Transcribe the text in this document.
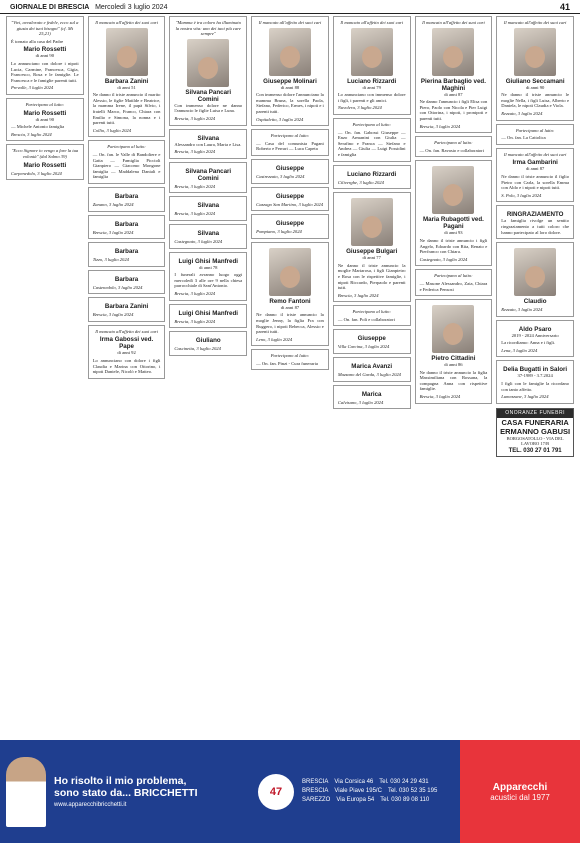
GIORNALE DI BRESCIA Mercoledì 3 luglio 2024	41
"Vivi, avvalorato e fedele, ecco sul a giusta dei tuoi bisogni" (cf. Mt 25,21)
È tornato alla casa del Padre
Mario Rossetti
di anni 90
Lo annunciano con dolore i nipoti Lucia, Carmine, Francesca, Gigia, Francesco, Rosa e le famiglie. Le Francesca e le famiglie parenti tutti.
Prevalle, 3 luglio 2024
Partecipano al lutto:
Mario Rossetti
di anni 90
— Michele Antonio famiglia
Brescia, 3 luglio 2024
"Ecco Signore io vengo a fare la tua volontà" (dal Salmo 39)
Mario Rossetti
Carpenedolo, 3 luglio 2024
Il mancato all'affetto dei suoi cari
Barbara Zanini
di anni 51
Ne danno il triste annuncio il marito Alessio, le figlie Matilde e Beatrice, la mamma Irene, il papà Silvio, i fratelli Marco, Franco, Chiara con Emilio e Simona, la nonna e i parenti tutti.
Collio, 3 luglio 2024
Partecipano al lutto:
— On. fan. le Valle di Bandoliere e Gatta — Famiglia Piccioli Gianpiero — Giacomo Mongone famiglia — Maddalena Daniali e famiglia
Barbara
Zanano, 3 luglio 2024
Barbara
Brescia, 3 luglio 2024
Barbara
Tizzo, 3 luglio 2024
Barbara
Castenedolo, 3 luglio 2024
Barbara Zanini
Brescia, 3 luglio 2024
Il mancato all'affetto dei suoi cari
Irma Gabossi ved. Pape
di anni 92
Lo annunciano con dolore i figli Claudia e Marina con Ottorino, i nipoti Daniele, Nicolò e Matteo.
"Mamma è tra coloro ha illuminato la nostra vita: uno dei tuoi più care sempre"
Silvana Pancari Comini
Con immenso dolore ne danno l'annuncio le figlie Luisa e Luna.
Brescia, 3 luglio 2024
Silvana
Alessandro con Laura, Marta e Lisa.
Brescia, 3 luglio 2024
Silvana Pancari Comini
Brescia, 3 luglio 2024
Silvana
Brescia, 3 luglio 2024
Silvana
Castegnato, 3 luglio 2024
Luigi Ghisi Manfredi
di anni 78
I funerali avranno luogo oggi mercoledì 3 alle ore 9 nella chiesa parrocchiale di Sant'Antonio.
Brescia, 3 luglio 2024
Luigi Ghisi Manfredi
Brescia, 3 luglio 2024
Giuliano
Cascinetta, 3 luglio 2024
Il mancato all'affetto dei suoi cari
Giuseppe Molinari
di anni 88
Con immenso dolore l'annunciano la mamma Bruna, la sorella Paola, Stefano, Federico, Ermes, i nipoti e i parenti tutti.
Ospitaletto, 3 luglio 2024
Partecipano al lutto:
— Casa del comunista Pagani Roberto e Ferrari — Luca Capeta
Giuseppe
Castrezzato, 3 luglio 2024
Giuseppe
Cazzago San Martino, 3 luglio 2024
Giuseppe
Pompiano, 3 luglio 2024
Remo Fantoni
di anni 87
Ne danno il triste annuncio la moglie Jenny, la figlia Fra con Ruggero, i nipoti Rebecca, Alessio e parenti tutti.
Leno, 3 luglio 2024
Partecipano al lutto:
— On. fan. Pinzi - Cura funeraria
Il mancato all'affetto dei suoi cari
Luciano Rizzardi
di anni 79
Lo annunciano con immenso dolore i figli, i parenti e gli amici.
Nuvolera, 3 luglio 2024
Partecipano al lutto:
— On. fan. Gabossi Giuseppe — Enzo Armanini con Giulia — Serafino e Franca — Stefano e Andrea — Giulia — Luigi Possidini e famiglia
Luciano Rizzardi
Ciliverghe, 3 luglio 2024
Giuseppe Bulgari
di anni 77
Ne danno il triste annuncio la moglie Mariarosa, i figli Gianpietro e Rosa con le rispettive famiglie, i nipoti Riccardo, Pierpaolo e parenti tutti.
Brescia, 3 luglio 2024
Partecipano al lutto:
— On. fan. Poli e collaboratori
Giuseppe
Villa Carcina, 3 luglio 2024
Marica Avanzi
Mazzano del Garda, 3 luglio 2024
Marica
Calvisano, 3 luglio 2024
Il mancato all'affetto dei suoi cari
Pierina Barbaglio ved. Maghini
di anni 87
Ne danno l'annuncio i figli Elisa con Piero, Paolo con Nicola e Pier Luigi con Ottorina, i nipoti, i pronipoti e parenti tutti.
Brescia, 3 luglio 2024
Partecipano al lutto:
— On. fan. Ravasio e collaboratori
Maria Rubagotti ved. Pagani
di anni 93
Ne danno il triste annuncio i figli Angelo, Edoardo con Rita, Renato e Pierfranco con Chiara.
Castegnato, 3 luglio 2024
Partecipano al lutto:
— Masone Alessandro, Zaia, Chiara e Federica Pensosi
Pietro Cittadini
di anni 86
Ne danno il triste annuncio la figlia Massimiliana con Rossana, la compagna Anna con rispettive famiglie.
Brescia, 3 luglio 2024
Il mancato all'affetto dei suoi cari
Giuliano Seccamani
di anni 90
Ne danno il triste annuncio le moglie Nella, i figli Luisa, Alberto e Daniela, le nipoti Claudia e Viola.
Rezzato, 3 luglio 2024
Partecipano al lutto:
— On. fan. La Cattolica
Il mancato all'affetto dei suoi cari
Irma Gambarini
di anni 87
Ne danno il triste annuncio il figlio Pietro con Carla, la sorella Emma con Aldo e i nipoti e nipoti tutti.
S. Polo, 3 luglio 2024
RINGRAZIAMENTO
La famiglia rivolge un sentito ringraziamento a tutti coloro che hanno partecipato al loro dolore.
Claudio
Rezzato, 3 luglio 2024
Aldo Psaro
2019 - 2024 Anniversario
La ricordiamo: Anna e i figli.
Lena, 3 luglio 2024
Delia Bugatti in Salori
37-1989 - 3.7.2024
I figli con le famiglie la ricordano con tanto affetto.
Lumezzane, 3 luglio 2024
ONORANZE FUNEBRI
CASA FUNERARIA
ERMANNO GABUSI
BORGOSATOLLO - VIA DEL LAVORO 17/B
TEL. 030 27 01 791
Ho risolto il mio problema,
sono stato da... BRICCHETTI
www.apparecchibricchetti.it
47
BRESCIA Via Corsica 46 Tel. 030 24 29 431
BRESCIA Viale Piave 195/C Tel. 030 52 35 195
SAREZZO Via Europa 54 Tel. 030 89 08 110
Apparecchi
acustici dal 1977
